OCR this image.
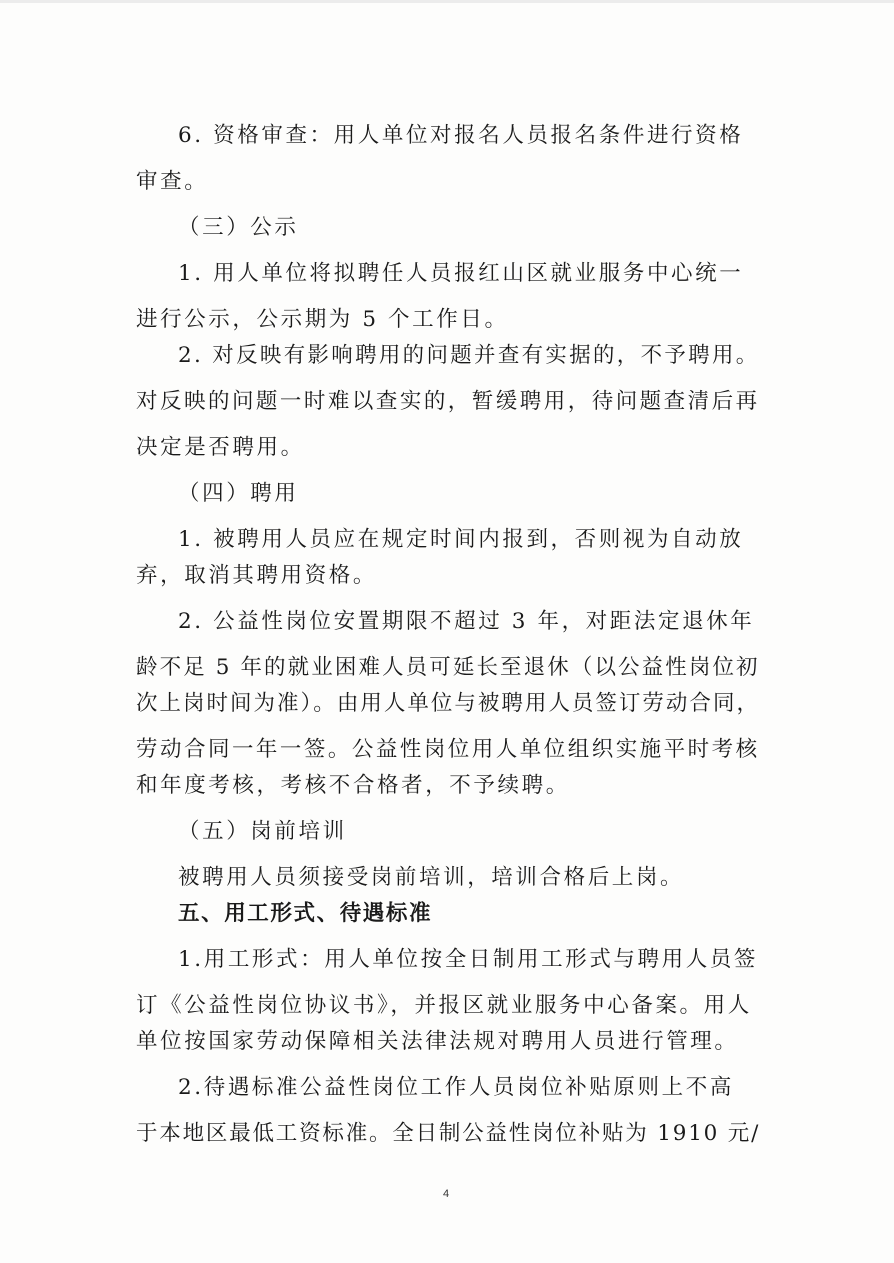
6. 资格审查：用人单位对报名人员报名条件进行资格
审查。
（三）公示
1. 用人单位将拟聘任人员报红山区就业服务中心统一
进行公示，公示期为 5 个工作日。
2. 对反映有影响聘用的问题并查有实据的，不予聘用。
对反映的问题一时难以查实的，暂缓聘用，待问题查清后再
决定是否聘用。
（四）聘用
1. 被聘用人员应在规定时间内报到，否则视为自动放
弃，取消其聘用资格。
2. 公益性岗位安置期限不超过 3 年，对距法定退休年
龄不足 5 年的就业困难人员可延长至退休（以公益性岗位初
次上岗时间为准）。由用人单位与被聘用人员签订劳动合同，
劳动合同一年一签。公益性岗位用人单位组织实施平时考核
和年度考核，考核不合格者，不予续聘。
（五）岗前培训
被聘用人员须接受岗前培训，培训合格后上岗。
五、用工形式、待遇标准
1.用工形式：用人单位按全日制用工形式与聘用人员签
订《公益性岗位协议书》，并报区就业服务中心备案。用人
单位按国家劳动保障相关法律法规对聘用人员进行管理。
2.待遇标准公益性岗位工作人员岗位补贴原则上不高
于本地区最低工资标准。全日制公益性岗位补贴为 1910 元/
4
